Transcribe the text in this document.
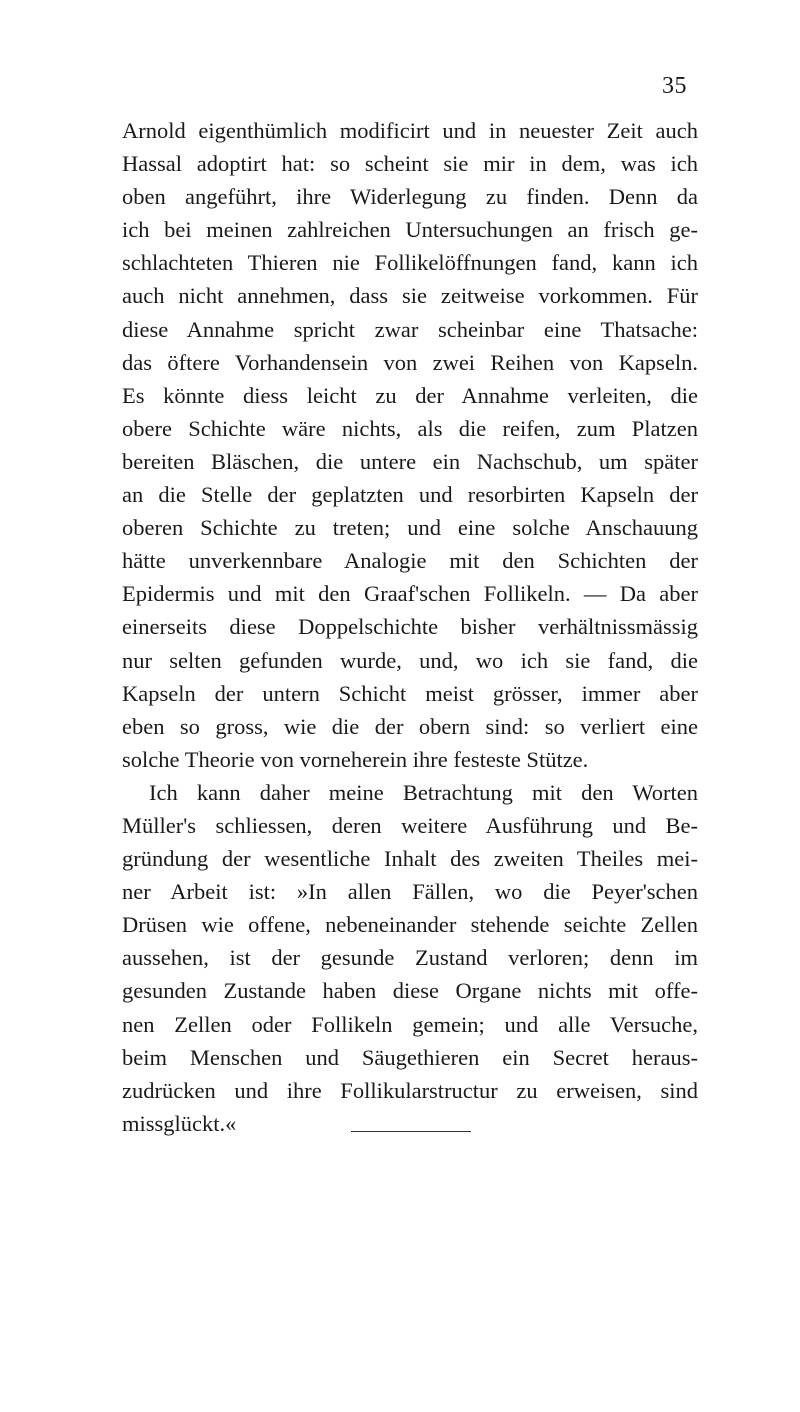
35
Arnold eigenthümlich modificirt und in neuester Zeit auch
Hassal adoptirt hat: so scheint sie mir in dem, was ich
oben angeführt, ihre Widerlegung zu finden. Denn da
ich bei meinen zahlreichen Untersuchungen an frisch ge-
schlachteten Thieren nie Follikelöffnungen fand, kann ich
auch nicht annehmen, dass sie zeitweise vorkommen. Für
diese Annahme spricht zwar scheinbar eine Thatsache:
das öftere Vorhandensein von zwei Reihen von Kapseln.
Es könnte diess leicht zu der Annahme verleiten, die
obere Schichte wäre nichts, als die reifen, zum Platzen
bereiten Bläschen, die untere ein Nachschub, um später
an die Stelle der geplatzten und resorbirten Kapseln der
oberen Schichte zu treten; und eine solche Anschauung
hätte unverkennbare Analogie mit den Schichten der
Epidermis und mit den Graaf'schen Follikeln. — Da aber
einerseits diese Doppelschichte bisher verhältnissmässig
nur selten gefunden wurde, und, wo ich sie fand, die
Kapseln der untern Schicht meist grösser, immer aber
eben so gross, wie die der obern sind: so verliert eine
solche Theorie von vorneherein ihre festeste Stütze.
Ich kann daher meine Betrachtung mit den Worten
Müller's schliessen, deren weitere Ausführung und Be-
gründung der wesentliche Inhalt des zweiten Theiles mei-
ner Arbeit ist: »In allen Fällen, wo die Peyer'schen
Drüsen wie offene, nebeneinander stehende seichte Zellen
aussehen, ist der gesunde Zustand verloren; denn im
gesunden Zustande haben diese Organe nichts mit offe-
nen Zellen oder Follikeln gemein; und alle Versuche,
beim Menschen und Säugethieren ein Secret heraus-
zudrücken und ihre Follikularstructur zu erweisen, sind
missglückt.«
